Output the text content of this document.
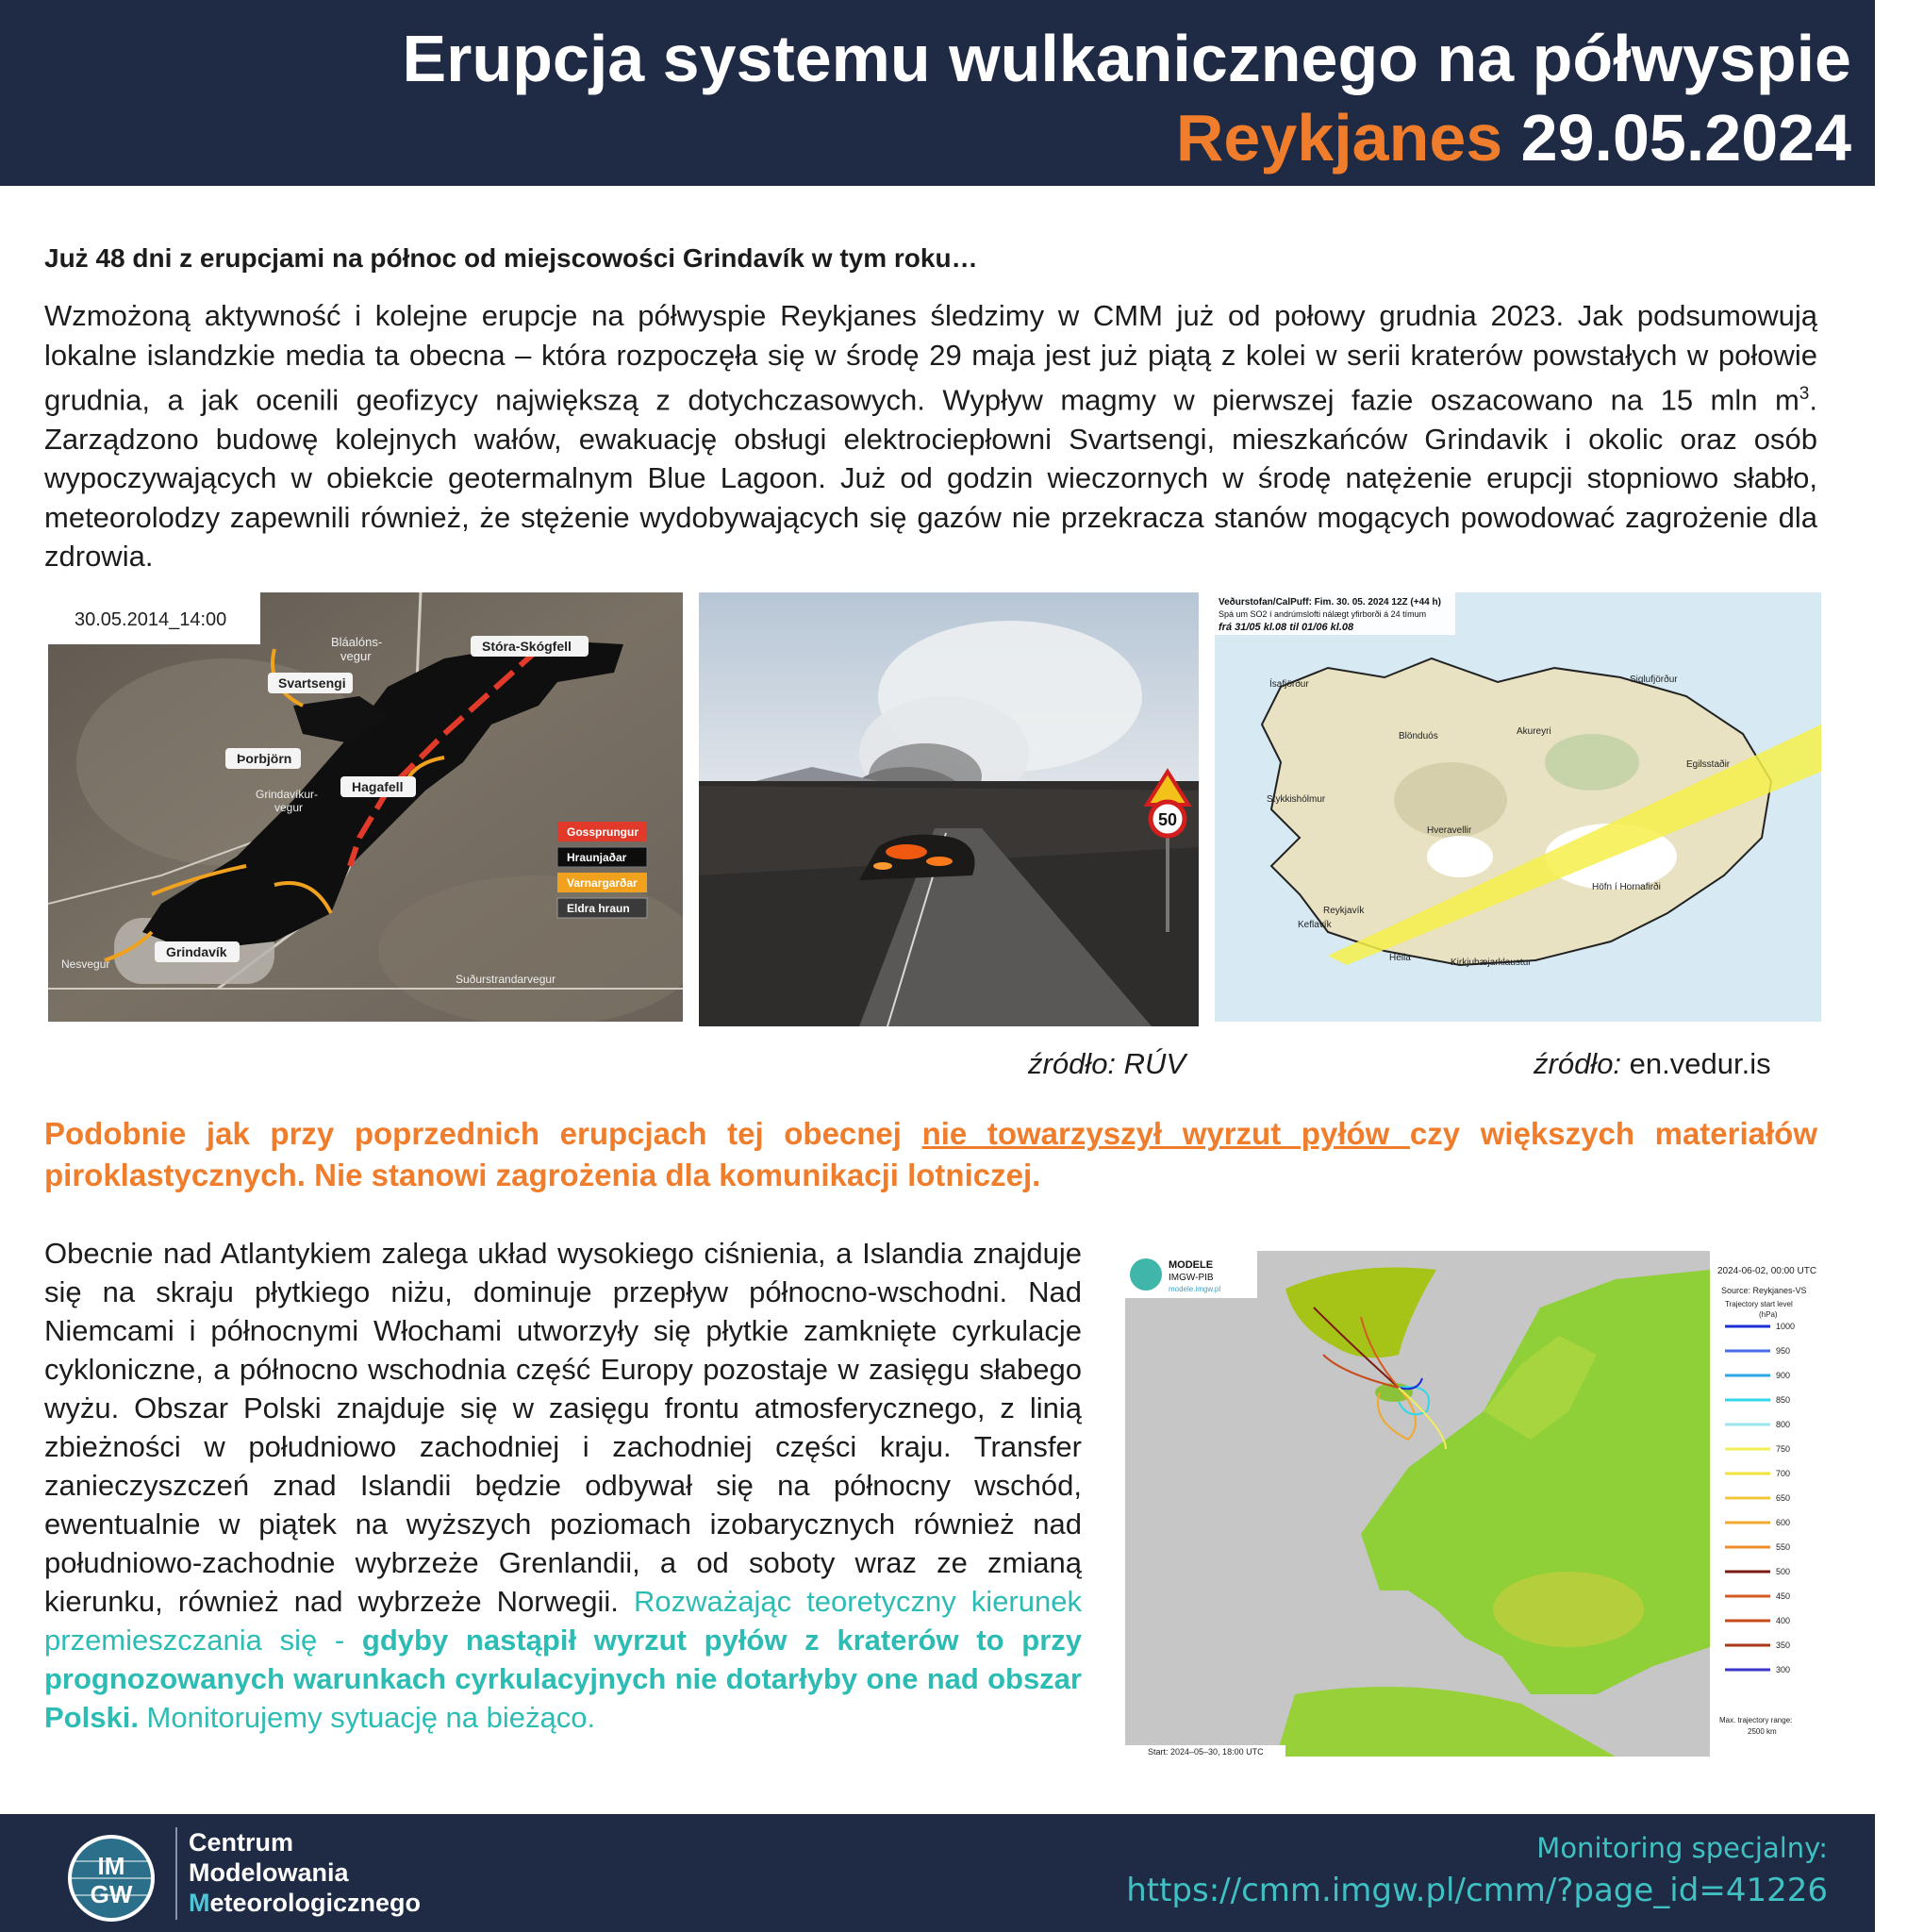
Erupcja systemu wulkanicznego na półwyspie
Reykjanes 29.05.2024
Już 48 dni z erupcjami na północ od miejscowości Grindavík w tym roku…
Wzmożoną aktywność i kolejne erupcje na półwyspie Reykjanes śledzimy w CMM już od połowy grudnia 2023. Jak podsumowują lokalne islandzkie media ta obecna – która rozpoczęła się w środę 29 maja jest już piątą z kolei w serii kraterów powstałych w połowie grudnia, a jak ocenili geofizycy największą z dotychczasowych. Wypływ magmy w pierwszej fazie oszacowano na 15 mln $m^3$. Zarządzono budowę kolejnych wałów, ewakuację obsługi elektrociepłowni Svartsengi, mieszkańców Grindavik i okolic oraz osób wypoczywających w obiekcie geotermalnym Blue Lagoon. Już od godzin wieczornych w środę natężenie erupcji stopniowo słabło, meteorolodzy zapewnili również, że stężenie wydobywających się gazów nie przekracza stanów mogących powodować zagrożenie dla zdrowia.
30.05.2014_14:00
Bláalóns-
vegur
Svartsengi
Stóra-Skógfell
Þorbjörn
Hagafell
Grindavíkur-
vegur
Grindavík
Nesvegur
Suðurstrandarvegur
Gossprungur
Hraunjaðar
Varnargarðar
Eldra hraun
50
Veðurstofan/CalPuff: Fim. 30. 05. 2024 12Z (+44 h)
Spá um SO2 í andrúmslofti nálægt yfirborði á 24 tímum
frá 31/05 kl.08 til 01/06 kl.08
Ísafjörður	Siglufjörður
Blönduós	Akureyri
Egilsstaðir
Stykkishólmur
Hveravellir
Höfn í Hornafirði
Reykjavík
Keflavík
Hella	Kirkjubæjarklaustur
źródło: RÚV	źródło: en.vedur.is
Podobnie jak przy poprzednich erupcjach tej obecnej nie towarzyszył wyrzut pyłów czy większych materiałów piroklastycznych. Nie stanowi zagrożenia dla komunikacji lotniczej.
Obecnie nad Atlantykiem zalega układ wysokiego ciśnienia, a Islandia znajduje się na skraju płytkiego niżu, dominuje przepływ północno-wschodni. Nad Niemcami i północnymi Włochami utworzyły się płytkie zamknięte cyrkulacje cykloniczne, a północno wschodnia część Europy pozostaje w zasięgu słabego wyżu. Obszar Polski znajduje się w zasięgu frontu atmosferycznego, z linią zbieżności w południowo zachodniej i zachodniej części kraju. Transfer zanieczyszczeń znad Islandii będzie odbywał się na północny wschód, ewentualnie w piątek na wyższych poziomach izobarycznych również nad południowo-zachodnie wybrzeże Grenlandii, a od soboty wraz ze zmianą kierunku, również nad wybrzeże Norwegii. Rozważając teoretyczny kierunek przemieszczania się - gdyby nastąpił wyrzut pyłów z kraterów to przy prognozowanych warunkach cyrkulacyjnych nie dotarłyby one nad obszar Polski. Monitorujemy sytuację na bieżąco.
MODELE
IMGW-PIB
modele.imgw.pl
2024-06-02, 00:00 UTC
Source: Reykjanes-VS
Trajectory start level
(hPa)
1000
950
900
850
800
750
700
650
600
550
500
450
400
350
300
Max. trajectory range:
2500 km
Start: 2024–05–30, 18:00 UTC
IM
GW
Centrum
Modelowania
Meteorologicznego
Monitoring specjalny:
https://cmm.imgw.pl/cmm/?page_id=41226
